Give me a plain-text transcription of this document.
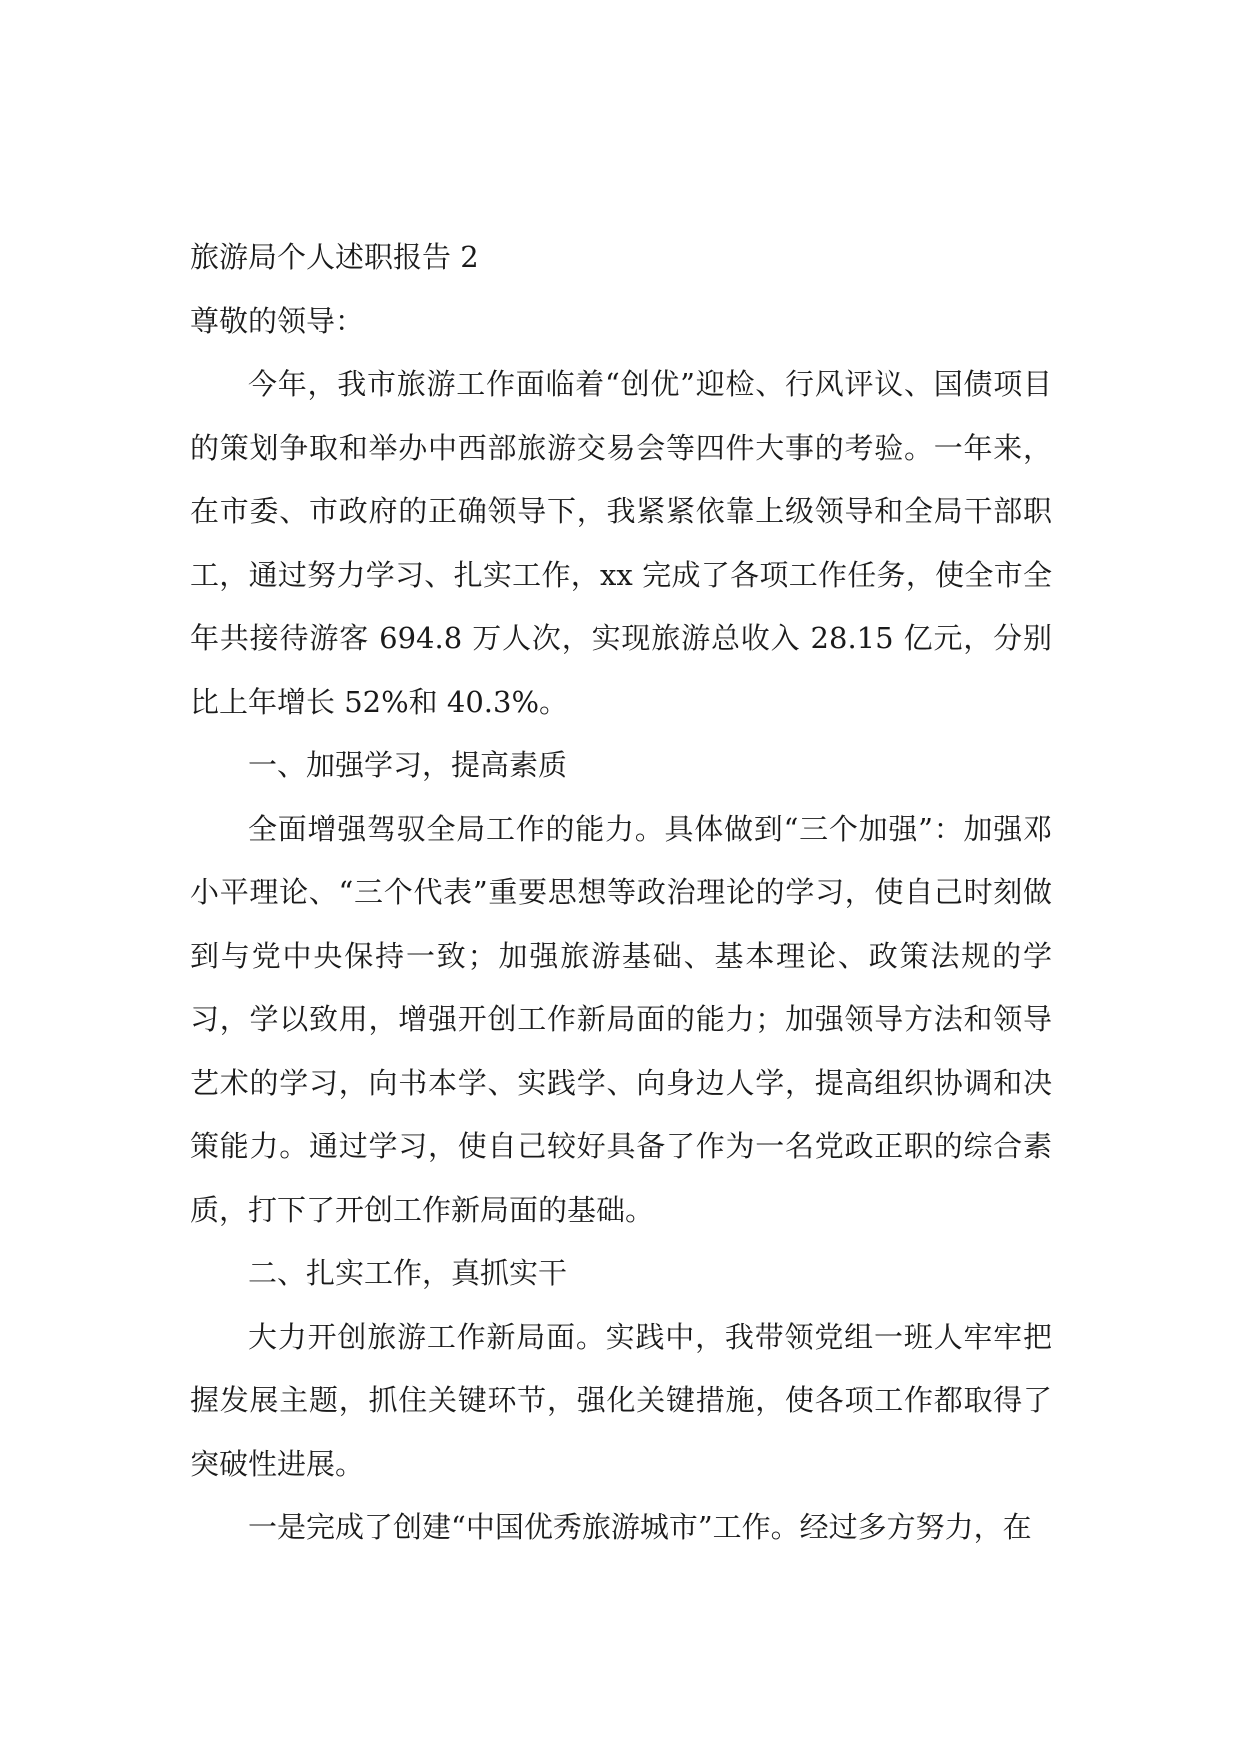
旅游局个人述职报告 2

尊敬的领导：

今年，我市旅游工作面临着“创优”迎检、行风评议、国债项目的策划争取和举办中西部旅游交易会等四件大事的考验。一年来，在市委、市政府的正确领导下，我紧紧依靠上级领导和全局干部职工，通过努力学习、扎实工作，xx 完成了各项工作任务，使全市全年共接待游客 694.8 万人次，实现旅游总收入 28.15 亿元，分别比上年增长 52%和 40.3%。

一、加强学习，提高素质

全面增强驾驭全局工作的能力。具体做到“三个加强”：加强邓小平理论、“三个代表”重要思想等政治理论的学习，使自己时刻做到与党中央保持一致；加强旅游基础、基本理论、政策法规的学习，学以致用，增强开创工作新局面的能力；加强领导方法和领导艺术的学习，向书本学、实践学、向身边人学，提高组织协调和决策能力。通过学习，使自己较好具备了作为一名党政正职的综合素质，打下了开创工作新局面的基础。

二、扎实工作，真抓实干

大力开创旅游工作新局面。实践中，我带领党组一班人牢牢把握发展主题，抓住关键环节，强化关键措施，使各项工作都取得了突破性进展。

一是完成了创建“中国优秀旅游城市”工作。经过多方努力，在
